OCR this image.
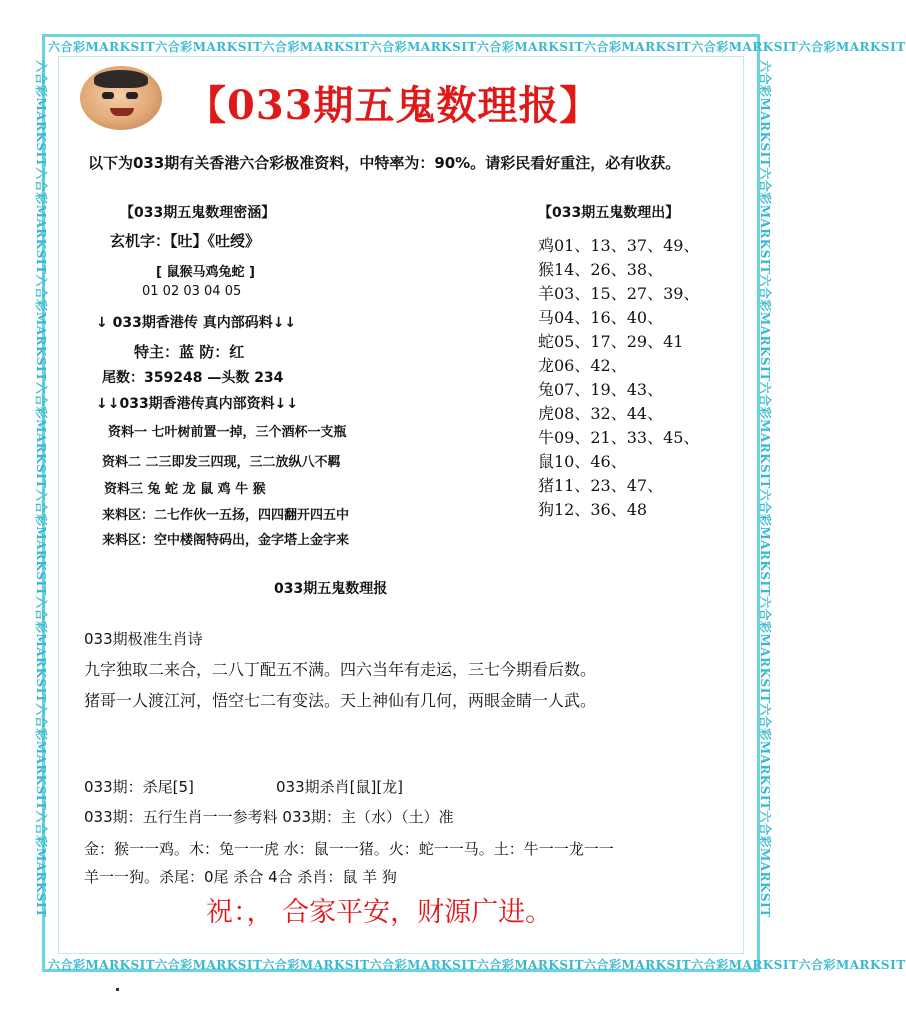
六合彩MARKSIT六合彩MARKSIT六合彩MARKSIT六合彩MARKSIT六合彩MARKSIT六合彩MARKSIT六合彩MARKSIT六合彩MARKSIT
六合彩MARKSIT六合彩MARKSIT六合彩MARKSIT六合彩MARKSIT六合彩MARKSIT六合彩MARKSIT六合彩MARKSIT六合彩MARKSIT
六合彩MARKSIT六合彩MARKSIT六合彩MARKSIT六合彩MARKSIT六合彩MARKSIT六合彩MARKSIT六合彩MARKSIT六合彩MARKSIT	六合彩MARKSIT六合彩MARKSIT六合彩MARKSIT六合彩MARKSIT六合彩MARKSIT六合彩MARKSIT六合彩MARKSIT六合彩MARKSIT
【033期五鬼数理报】
以下为033期有关香港六合彩极准资料，中特率为：90%。请彩民看好重注，必有收获。
【033期五鬼数理密涵】
玄机字：【吐】《吐绶》
[ 鼠猴马鸡兔蛇 ]
01 02 03 04 05
↓ 033期香港传 真内部码料↓↓
特主：蓝 防：红
尾数：359248 —头数 234
↓↓033期香港传真内部资料↓↓
资料一 七叶树前置一掉，三个酒杯一支瓶
资料二 二三即发三四现，三二放纵八不羁
资料三 兔 蛇 龙 鼠 鸡 牛 猴
来料区：二七作伙一五扬，四四翻开四五中
来料区：空中楼阁特码出，金字塔上金字来
【033期五鬼数理出】
鸡01、13、37、49、
猴14、26、38、
羊03、15、27、39、
马04、16、40、
蛇05、17、29、41
龙06、42、
兔07、19、43、
虎08、32、44、
牛09、21、33、45、
鼠10、46、
猪11、23、47、
狗12、36、48
033期五鬼数理报
033期极准生肖诗
九字独取二来合，二八丁配五不满。四六当年有走运，三七今期看后数。
猪哥一人渡江河，悟空七二有变法。天上神仙有几何，两眼金睛一人武。
033期：杀尾[5]	033期杀肖[鼠][龙]
033期：五行生肖一一参考料 033期：主（水）（土）准
金：猴一一鸡。木：兔一一虎 水：鼠一一猪。火：蛇一一马。土：牛一一龙一一
羊一一狗。杀尾：0尾 杀合 4合 杀肖：鼠 羊 狗
祝：， 合家平安，财源广进。
